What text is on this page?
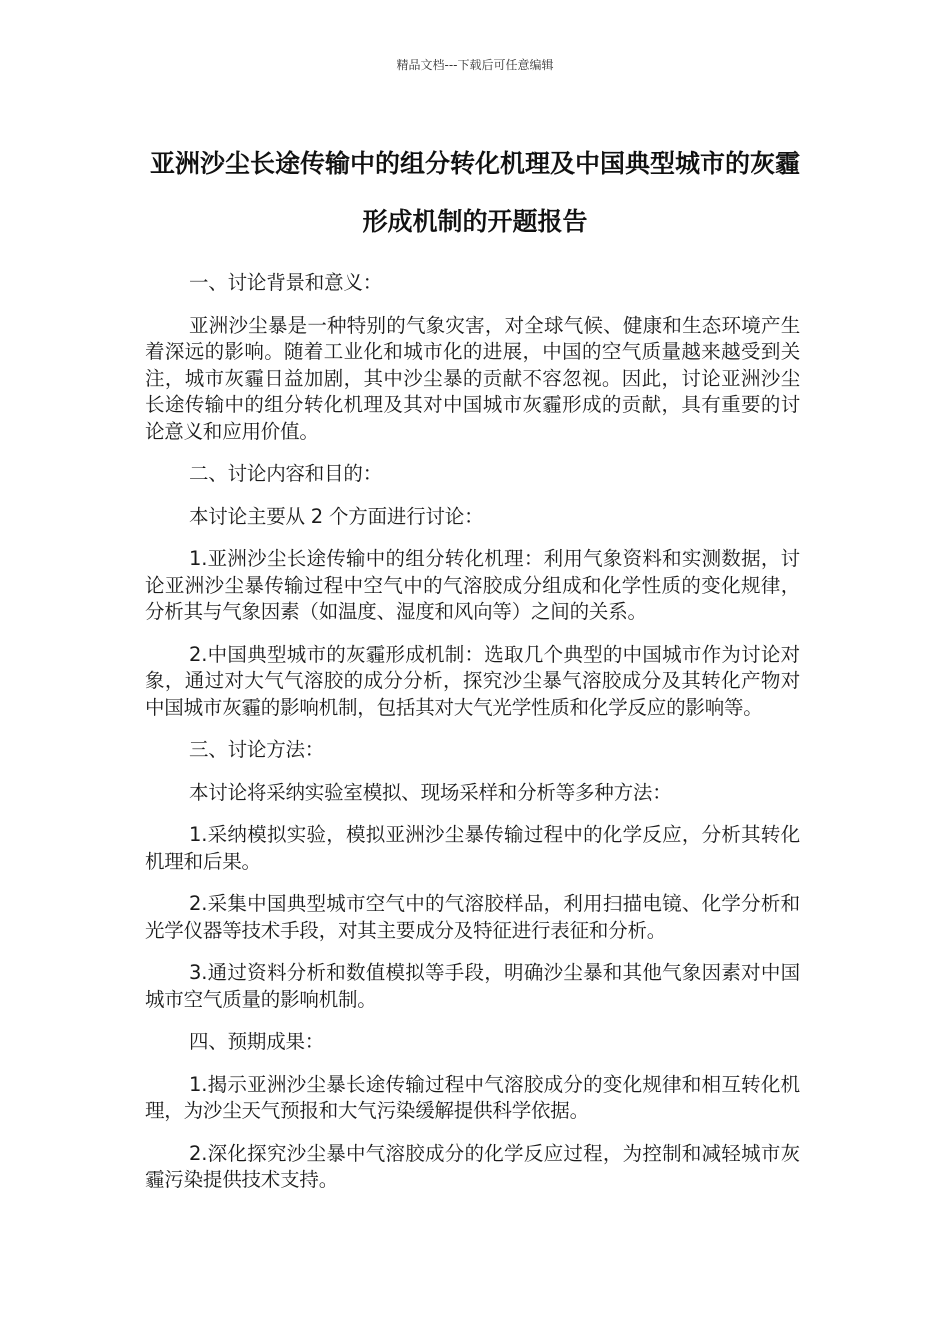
精品文档---下载后可任意编辑
亚洲沙尘长途传输中的组分转化机理及中国典型城市的灰霾形成机制的开题报告

一、讨论背景和意义：

亚洲沙尘暴是一种特别的气象灾害，对全球气候、健康和生态环境产生着深远的影响。随着工业化和城市化的进展，中国的空气质量越来越受到关注，城市灰霾日益加剧，其中沙尘暴的贡献不容忽视。因此，讨论亚洲沙尘长途传输中的组分转化机理及其对中国城市灰霾形成的贡献，具有重要的讨论意义和应用价值。

二、讨论内容和目的：

本讨论主要从 2 个方面进行讨论：

1.亚洲沙尘长途传输中的组分转化机理：利用气象资料和实测数据，讨论亚洲沙尘暴传输过程中空气中的气溶胶成分组成和化学性质的变化规律，分析其与气象因素（如温度、湿度和风向等）之间的关系。

2.中国典型城市的灰霾形成机制：选取几个典型的中国城市作为讨论对象，通过对大气气溶胶的成分分析，探究沙尘暴气溶胶成分及其转化产物对中国城市灰霾的影响机制，包括其对大气光学性质和化学反应的影响等。

三、讨论方法：

本讨论将采纳实验室模拟、现场采样和分析等多种方法：

1.采纳模拟实验，模拟亚洲沙尘暴传输过程中的化学反应，分析其转化机理和后果。

2.采集中国典型城市空气中的气溶胶样品，利用扫描电镜、化学分析和光学仪器等技术手段，对其主要成分及特征进行表征和分析。

3.通过资料分析和数值模拟等手段，明确沙尘暴和其他气象因素对中国城市空气质量的影响机制。

四、预期成果：

1.揭示亚洲沙尘暴长途传输过程中气溶胶成分的变化规律和相互转化机理，为沙尘天气预报和大气污染缓解提供科学依据。

2.深化探究沙尘暴中气溶胶成分的化学反应过程，为控制和减轻城市灰霾污染提供技术支持。
